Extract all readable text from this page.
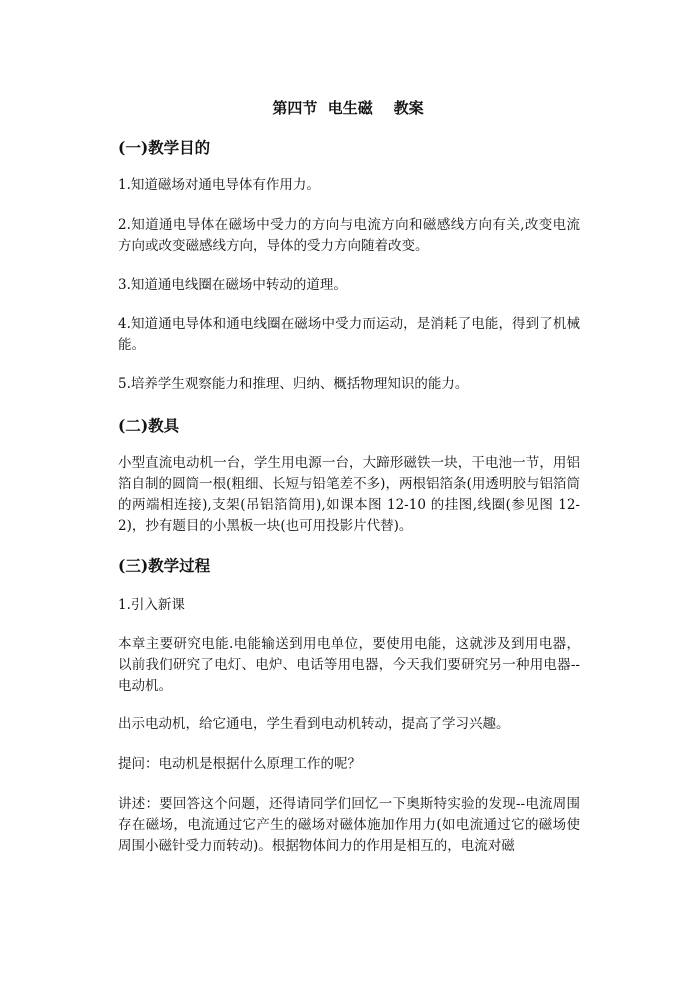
第四节  电生磁    教案
(一)教学目的
1.知道磁场对通电导体有作用力。
2.知道通电导体在磁场中受力的方向与电流方向和磁感线方向有关,改变电流方向或改变磁感线方向，导体的受力方向随着改变。
3.知道通电线圈在磁场中转动的道理。
4.知道通电导体和通电线圈在磁场中受力而运动，是消耗了电能，得到了机械能。
5.培养学生观察能力和推理、归纳、概括物理知识的能力。
(二)教具
小型直流电动机一台，学生用电源一台，大蹄形磁铁一块，干电池一节，用铝箔自制的圆筒一根(粗细、长短与铅笔差不多)，两根铝箔条(用透明胶与铝箔筒的两端相连接),支架(吊铝箔筒用),如课本图 12-10 的挂图,线圈(参见图 12-2)，抄有题目的小黑板一块(也可用投影片代替)。
(三)教学过程
1.引入新课
本章主要研究电能.电能输送到用电单位，要使用电能，这就涉及到用电器，以前我们研究了电灯、电炉、电话等用电器，今天我们要研究另一种用电器--电动机。
出示电动机，给它通电，学生看到电动机转动，提高了学习兴趣。
提问：电动机是根据什么原理工作的呢？
讲述：要回答这个问题，还得请同学们回忆一下奥斯特实验的发现--电流周围存在磁场，电流通过它产生的磁场对磁体施加作用力(如电流通过它的磁场使周围小磁针受力而转动)。根据物体间力的作用是相互的，电流对磁
